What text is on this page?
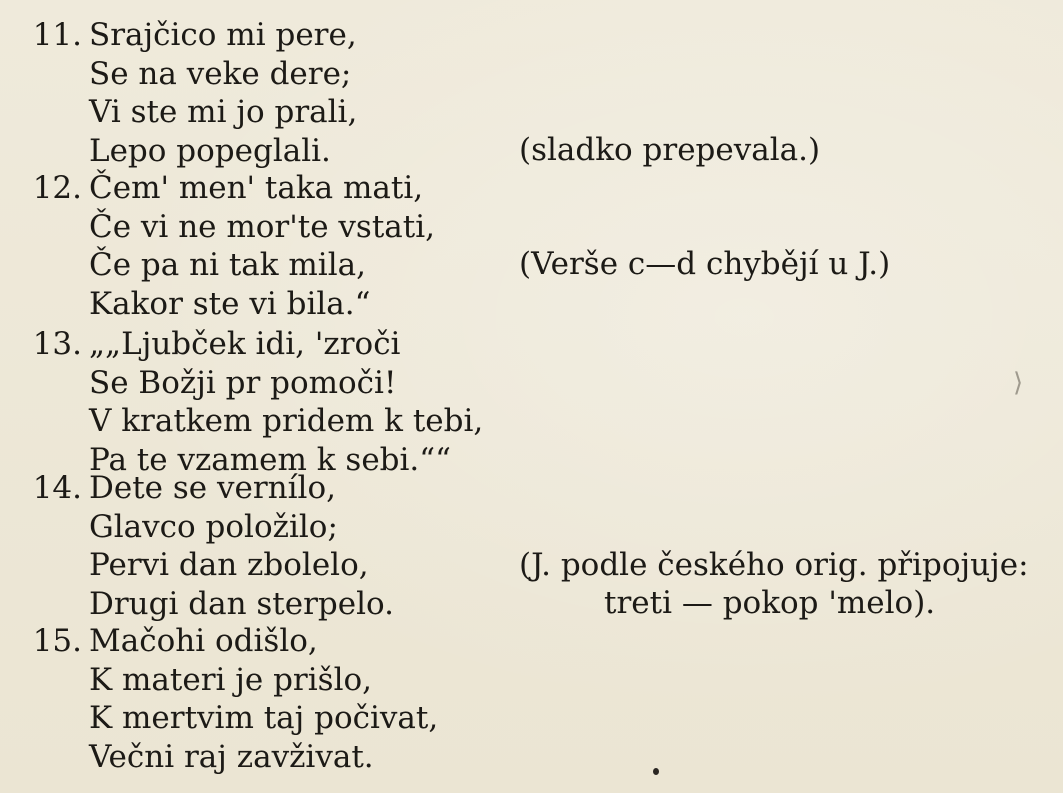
11. Srajčico mi pere,
Se na veke dere;
Vi ste mi jo prali,
Lepo popeglali.
12. Čem' men' taka mati,
Če vi ne mor'te vstati,
Če pa ni tak mila,
Kakor ste vi bila.“
13. „„Ljubček idi, 'zroči
Se Božji pr pomoči!
V kratkem pridem k tebi,
Pa te vzamem k sebi.““
14. Dete se vernílo,
Glavco položilo;
Pervi dan zbolelo,
Drugi dan sterpelo.
15. Mačohi odišlo,
K materi je prišlo,
K mertvim taj počivat,
Večni raj zavživat.
(sladko prepevala.)
(Verše c—d chybějí u J.)
(J. podle českého orig. připojuje:
treti — pokop 'melo).
⟩
